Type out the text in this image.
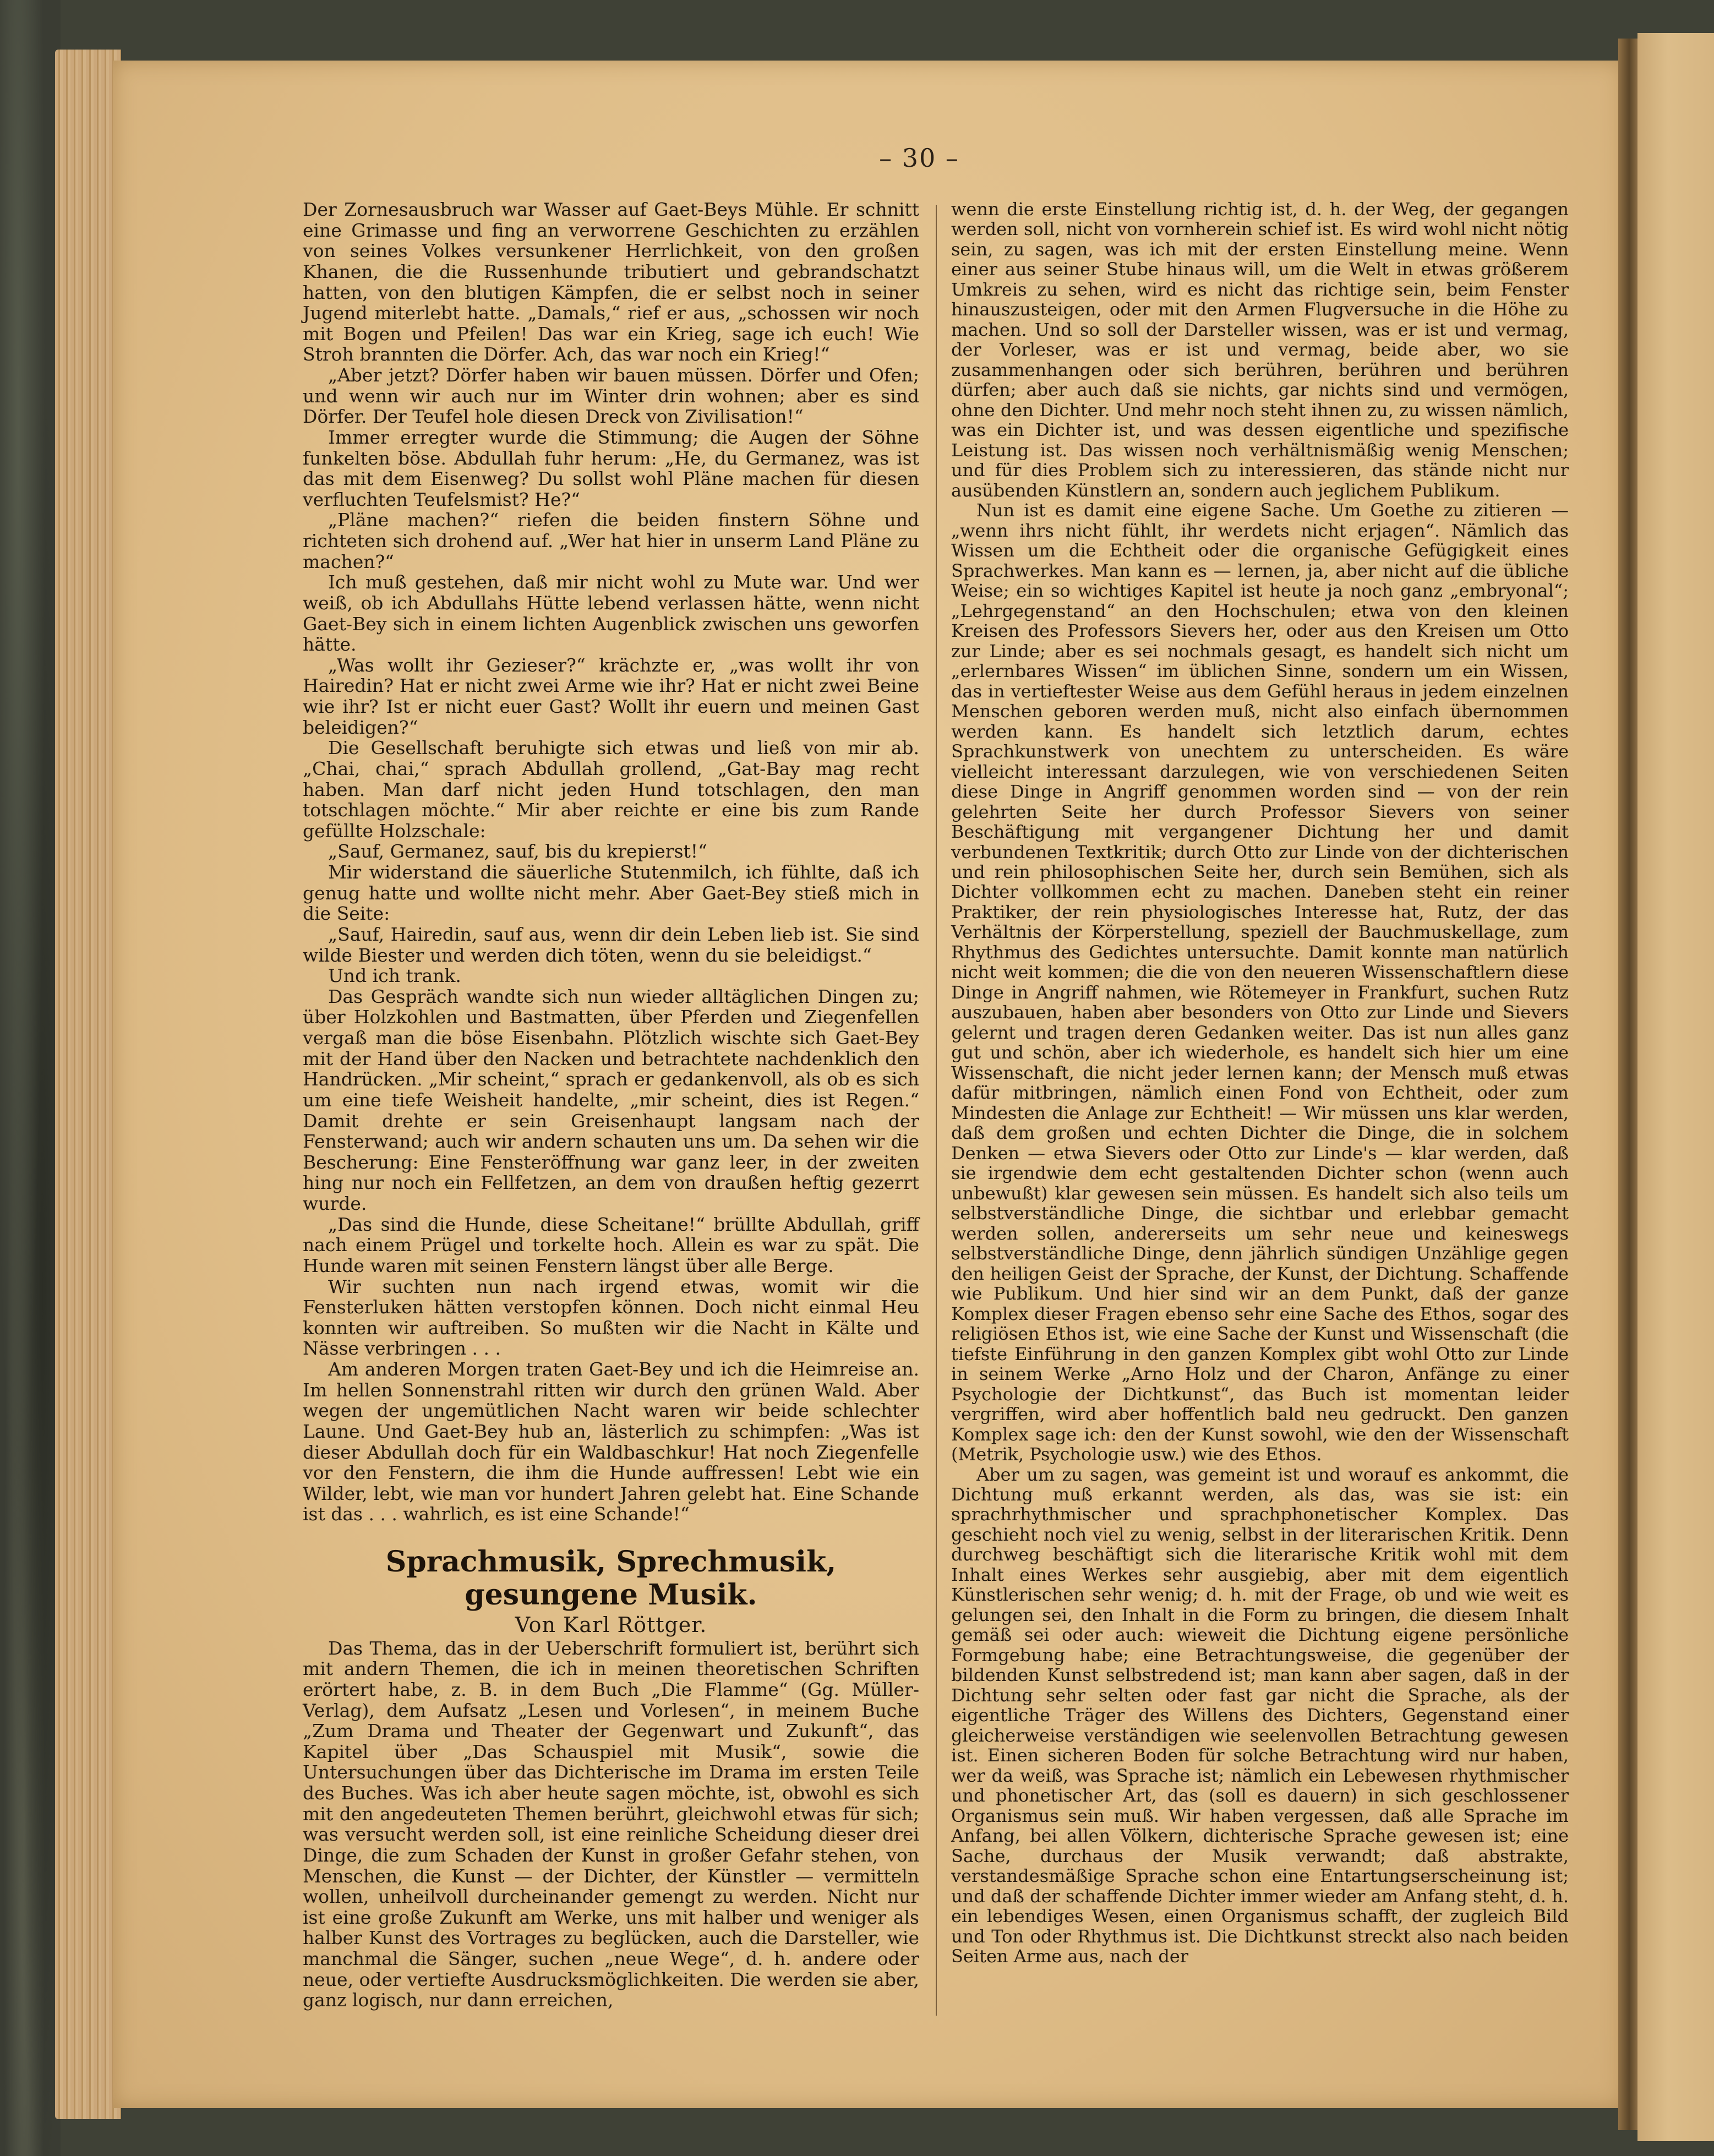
– 30 –

Der Zornesausbruch war Wasser auf Gaet-Beys Mühle. Er schnitt eine Grimasse und fing an verworrene Geschichten zu erzählen von seines Volkes versunkener Herrlichkeit, von den großen Khanen, die die Russenhunde tributiert und gebrandschatzt hatten, von den blutigen Kämpfen, die er selbst noch in seiner Jugend miterlebt hatte. „Damals,“ rief er aus, „schossen wir noch mit Bogen und Pfeilen! Das war ein Krieg, sage ich euch! Wie Stroh brannten die Dörfer. Ach, das war noch ein Krieg!“

„Aber jetzt? Dörfer haben wir bauen müssen. Dörfer und Ofen; und wenn wir auch nur im Winter drin wohnen; aber es sind Dörfer. Der Teufel hole diesen Dreck von Zivilisation!“

Immer erregter wurde die Stimmung; die Augen der Söhne funkelten böse. Abdullah fuhr herum: „He, du Germanez, was ist das mit dem Eisenweg? Du sollst wohl Pläne machen für diesen verfluchten Teufelsmist? He?“

„Pläne machen?“ riefen die beiden finstern Söhne und richteten sich drohend auf. „Wer hat hier in unserm Land Pläne zu machen?“

Ich muß gestehen, daß mir nicht wohl zu Mute war. Und wer weiß, ob ich Abdullahs Hütte lebend verlassen hätte, wenn nicht Gaet-Bey sich in einem lichten Augenblick zwischen uns geworfen hätte.

„Was wollt ihr Gezieser?“ krächzte er, „was wollt ihr von Hairedin? Hat er nicht zwei Arme wie ihr? Hat er nicht zwei Beine wie ihr? Ist er nicht euer Gast? Wollt ihr euern und meinen Gast beleidigen?“

Die Gesellschaft beruhigte sich etwas und ließ von mir ab. „Chai, chai,“ sprach Abdullah grollend, „Gat-Bay mag recht haben. Man darf nicht jeden Hund totschlagen, den man totschlagen möchte.“ Mir aber reichte er eine bis zum Rande gefüllte Holzschale:

„Sauf, Germanez, sauf, bis du krepierst!“

Mir widerstand die säuerliche Stutenmilch, ich fühlte, daß ich genug hatte und wollte nicht mehr. Aber Gaet-Bey stieß mich in die Seite:

„Sauf, Hairedin, sauf aus, wenn dir dein Leben lieb ist. Sie sind wilde Biester und werden dich töten, wenn du sie beleidigst.“

Und ich trank.

Das Gespräch wandte sich nun wieder alltäglichen Dingen zu; über Holzkohlen und Bastmatten, über Pferden und Ziegenfellen vergaß man die böse Eisenbahn. Plötzlich wischte sich Gaet-Bey mit der Hand über den Nacken und betrachtete nachdenklich den Handrücken. „Mir scheint,“ sprach er gedankenvoll, als ob es sich um eine tiefe Weisheit handelte, „mir scheint, dies ist Regen.“ Damit drehte er sein Greisenhaupt langsam nach der Fensterwand; auch wir andern schauten uns um. Da sehen wir die Bescherung: Eine Fensteröffnung war ganz leer, in der zweiten hing nur noch ein Fellfetzen, an dem von draußen heftig gezerrt wurde.

„Das sind die Hunde, diese Scheitane!“ brüllte Abdullah, griff nach einem Prügel und torkelte hoch. Allein es war zu spät. Die Hunde waren mit seinen Fenstern längst über alle Berge.

Wir suchten nun nach irgend etwas, womit wir die Fensterluken hätten verstopfen können. Doch nicht einmal Heu konnten wir auftreiben. So mußten wir die Nacht in Kälte und Nässe verbringen . . .

Am anderen Morgen traten Gaet-Bey und ich die Heimreise an. Im hellen Sonnenstrahl ritten wir durch den grünen Wald. Aber wegen der ungemütlichen Nacht waren wir beide schlechter Laune. Und Gaet-Bey hub an, lästerlich zu schimpfen: „Was ist dieser Abdullah doch für ein Waldbaschkur! Hat noch Ziegenfelle vor den Fenstern, die ihm die Hunde auffressen! Lebt wie ein Wilder, lebt, wie man vor hundert Jahren gelebt hat. Eine Schande ist das . . . wahrlich, es ist eine Schande!“

Sprachmusik, Sprechmusik, gesungene Musik.
Von Karl Röttger.

Das Thema, das in der Ueberschrift formuliert ist, berührt sich mit andern Themen, die ich in meinen theoretischen Schriften erörtert habe, z. B. in dem Buch „Die Flamme“ (Gg. Müller-Verlag), dem Aufsatz „Lesen und Vorlesen“, in meinem Buche „Zum Drama und Theater der Gegenwart und Zukunft“, das Kapitel über „Das Schauspiel mit Musik“, sowie die Untersuchungen über das Dichterische im Drama im ersten Teile des Buches. Was ich aber heute sagen möchte, ist, obwohl es sich mit den angedeuteten Themen berührt, gleichwohl etwas für sich; was versucht werden soll, ist eine reinliche Scheidung dieser drei Dinge, die zum Schaden der Kunst in großer Gefahr stehen, von Menschen, die Kunst — der Dichter, der Künstler — vermitteln wollen, unheilvoll durcheinander gemengt zu werden. Nicht nur ist eine große Zukunft am Werke, uns mit halber und weniger als halber Kunst des Vortrages zu beglücken, auch die Darsteller, wie manchmal die Sänger, suchen „neue Wege“, d. h. andere oder neue, oder vertiefte Ausdrucksmöglichkeiten. Die werden sie aber, ganz logisch, nur dann erreichen,

wenn die erste Einstellung richtig ist, d. h. der Weg, der gegangen werden soll, nicht von vornherein schief ist. Es wird wohl nicht nötig sein, zu sagen, was ich mit der ersten Einstellung meine. Wenn einer aus seiner Stube hinaus will, um die Welt in etwas größerem Umkreis zu sehen, wird es nicht das richtige sein, beim Fenster hinauszusteigen, oder mit den Armen Flugversuche in die Höhe zu machen. Und so soll der Darsteller wissen, was er ist und vermag, der Vorleser, was er ist und vermag, beide aber, wo sie zusammenhangen oder sich berühren, berühren und berühren dürfen; aber auch daß sie nichts, gar nichts sind und vermögen, ohne den Dichter. Und mehr noch steht ihnen zu, zu wissen nämlich, was ein Dichter ist, und was dessen eigentliche und spezifische Leistung ist. Das wissen noch verhältnismäßig wenig Menschen; und für dies Problem sich zu interessieren, das stände nicht nur ausübenden Künstlern an, sondern auch jeglichem Publikum.

Nun ist es damit eine eigene Sache. Um Goethe zu zitieren — „wenn ihrs nicht fühlt, ihr werdets nicht erjagen“. Nämlich das Wissen um die Echtheit oder die organische Gefügigkeit eines Sprachwerkes. Man kann es — lernen, ja, aber nicht auf die übliche Weise; ein so wichtiges Kapitel ist heute ja noch ganz „embryonal“; „Lehrgegenstand“ an den Hochschulen; etwa von den kleinen Kreisen des Professors Sievers her, oder aus den Kreisen um Otto zur Linde; aber es sei nochmals gesagt, es handelt sich nicht um „erlernbares Wissen“ im üblichen Sinne, sondern um ein Wissen, das in vertieftester Weise aus dem Gefühl heraus in jedem einzelnen Menschen geboren werden muß, nicht also einfach übernommen werden kann. Es handelt sich letztlich darum, echtes Sprachkunstwerk von unechtem zu unterscheiden. Es wäre vielleicht interessant darzulegen, wie von verschiedenen Seiten diese Dinge in Angriff genommen worden sind — von der rein gelehrten Seite her durch Professor Sievers von seiner Beschäftigung mit vergangener Dichtung her und damit verbundenen Textkritik; durch Otto zur Linde von der dichterischen und rein philosophischen Seite her, durch sein Bemühen, sich als Dichter vollkommen echt zu machen. Daneben steht ein reiner Praktiker, der rein physiologisches Interesse hat, Rutz, der das Verhältnis der Körperstellung, speziell der Bauchmuskellage, zum Rhythmus des Gedichtes untersuchte. Damit konnte man natürlich nicht weit kommen; die die von den neueren Wissenschaftlern diese Dinge in Angriff nahmen, wie Rötemeyer in Frankfurt, suchen Rutz auszubauen, haben aber besonders von Otto zur Linde und Sievers gelernt und tragen deren Gedanken weiter. Das ist nun alles ganz gut und schön, aber ich wiederhole, es handelt sich hier um eine Wissenschaft, die nicht jeder lernen kann; der Mensch muß etwas dafür mitbringen, nämlich einen Fond von Echtheit, oder zum Mindesten die Anlage zur Echtheit! — Wir müssen uns klar werden, daß dem großen und echten Dichter die Dinge, die in solchem Denken — etwa Sievers oder Otto zur Linde's — klar werden, daß sie irgendwie dem echt gestaltenden Dichter schon (wenn auch unbewußt) klar gewesen sein müssen. Es handelt sich also teils um selbstverständliche Dinge, die sichtbar und erlebbar gemacht werden sollen, andererseits um sehr neue und keineswegs selbstverständliche Dinge, denn jährlich sündigen Unzählige gegen den heiligen Geist der Sprache, der Kunst, der Dichtung. Schaffende wie Publikum. Und hier sind wir an dem Punkt, daß der ganze Komplex dieser Fragen ebenso sehr eine Sache des Ethos, sogar des religiösen Ethos ist, wie eine Sache der Kunst und Wissenschaft (die tiefste Einführung in den ganzen Komplex gibt wohl Otto zur Linde in seinem Werke „Arno Holz und der Charon, Anfänge zu einer Psychologie der Dichtkunst“, das Buch ist momentan leider vergriffen, wird aber hoffentlich bald neu gedruckt. Den ganzen Komplex sage ich: den der Kunst sowohl, wie den der Wissenschaft (Metrik, Psychologie usw.) wie des Ethos.

Aber um zu sagen, was gemeint ist und worauf es ankommt, die Dichtung muß erkannt werden, als das, was sie ist: ein sprachrhythmischer und sprachphonetischer Komplex. Das geschieht noch viel zu wenig, selbst in der literarischen Kritik. Denn durchweg beschäftigt sich die literarische Kritik wohl mit dem Inhalt eines Werkes sehr ausgiebig, aber mit dem eigentlich Künstlerischen sehr wenig; d. h. mit der Frage, ob und wie weit es gelungen sei, den Inhalt in die Form zu bringen, die diesem Inhalt gemäß sei oder auch: wieweit die Dichtung eigene persönliche Formgebung habe; eine Betrachtungsweise, die gegenüber der bildenden Kunst selbstredend ist; man kann aber sagen, daß in der Dichtung sehr selten oder fast gar nicht die Sprache, als der eigentliche Träger des Willens des Dichters, Gegenstand einer gleicherweise verständigen wie seelenvollen Betrachtung gewesen ist. Einen sicheren Boden für solche Betrachtung wird nur haben, wer da weiß, was Sprache ist; nämlich ein Lebewesen rhythmischer und phonetischer Art, das (soll es dauern) in sich geschlossener Organismus sein muß. Wir haben vergessen, daß alle Sprache im Anfang, bei allen Völkern, dichterische Sprache gewesen ist; eine Sache, durchaus der Musik verwandt; daß abstrakte, verstandesmäßige Sprache schon eine Entartungserscheinung ist; und daß der schaffende Dichter immer wieder am Anfang steht, d. h. ein lebendiges Wesen, einen Organismus schafft, der zugleich Bild und Ton oder Rhythmus ist. Die Dichtkunst streckt also nach beiden Seiten Arme aus, nach der
